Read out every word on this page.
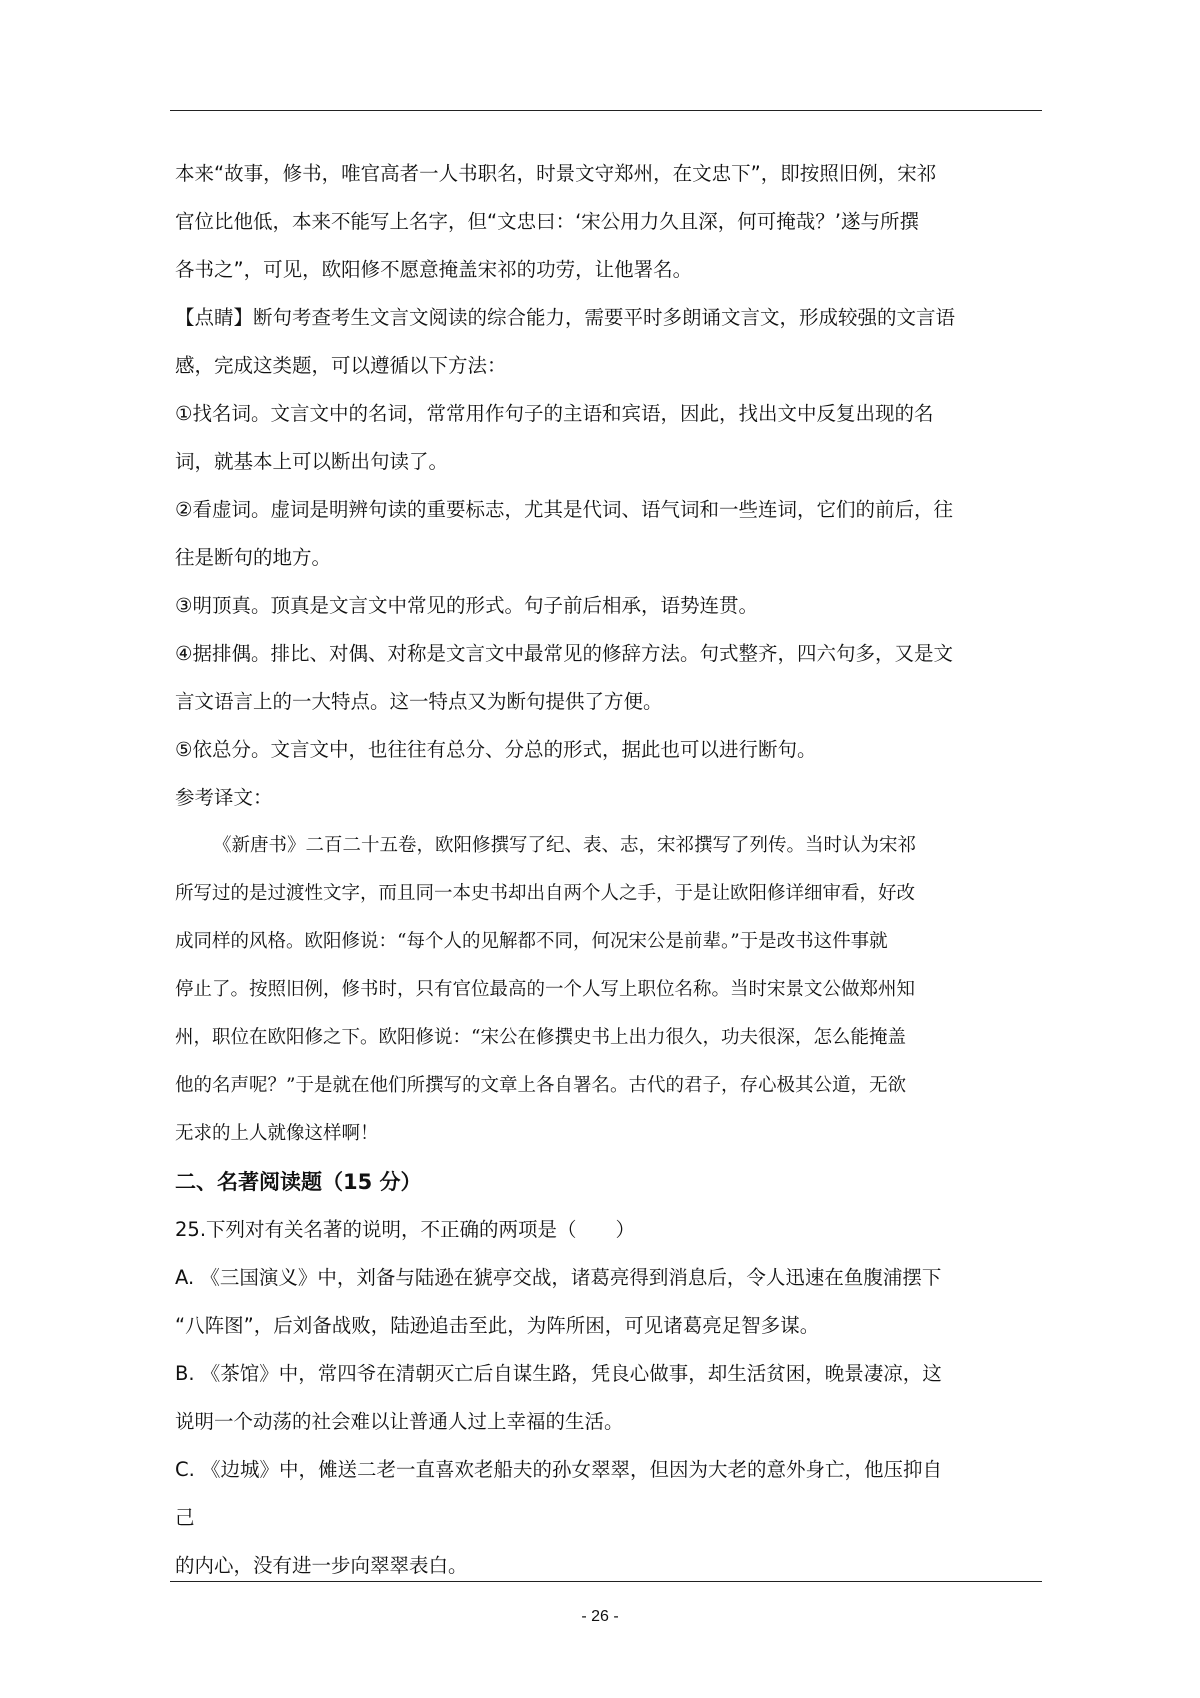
本来“故事，修书，唯官高者一人书职名，时景文守郑州，在文忠下”，即按照旧例，宋祁

官位比他低，本来不能写上名字，但“文忠曰：‘宋公用力久且深，何可掩哉？’遂与所撰

各书之”，可见，欧阳修不愿意掩盖宋祁的功劳，让他署名。

【点睛】断句考查考生文言文阅读的综合能力，需要平时多朗诵文言文，形成较强的文言语

感，完成这类题，可以遵循以下方法：

①找名词。文言文中的名词，常常用作句子的主语和宾语，因此，找出文中反复出现的名

词，就基本上可以断出句读了。

②看虚词。虚词是明辨句读的重要标志，尤其是代词、语气词和一些连词，它们的前后，往

往是断句的地方。

③明顶真。顶真是文言文中常见的形式。句子前后相承，语势连贯。

④据排偶。排比、对偶、对称是文言文中最常见的修辞方法。句式整齐，四六句多，又是文

言文语言上的一大特点。这一特点又为断句提供了方便。

⑤依总分。文言文中，也往往有总分、分总的形式，据此也可以进行断句。

参考译文：

《新唐书》二百二十五卷，欧阳修撰写了纪、表、志，宋祁撰写了列传。当时认为宋祁

所写过的是过渡性文字，而且同一本史书却出自两个人之手，于是让欧阳修详细审看，好改

成同样的风格。欧阳修说：“每个人的见解都不同，何况宋公是前辈。”于是改书这件事就

停止了。按照旧例，修书时，只有官位最高的一个人写上职位名称。当时宋景文公做郑州知

州，职位在欧阳修之下。欧阳修说：“宋公在修撰史书上出力很久，功夫很深，怎么能掩盖

他的名声呢？”于是就在他们所撰写的文章上各自署名。古代的君子，存心极其公道，无欲

无求的上人就像这样啊！

二、名著阅读题（15 分）

25.下列对有关名著的说明，不正确的两项是（　　）

A. 《三国演义》中，刘备与陆逊在猇亭交战，诸葛亮得到消息后，令人迅速在鱼腹浦摆下

“八阵图”，后刘备战败，陆逊追击至此，为阵所困，可见诸葛亮足智多谋。

B. 《茶馆》中，常四爷在清朝灭亡后自谋生路，凭良心做事，却生活贫困，晚景凄凉，这

说明一个动荡的社会难以让普通人过上幸福的生活。

C. 《边城》中，傩送二老一直喜欢老船夫的孙女翠翠，但因为大老的意外身亡，他压抑自

己

的内心，没有进一步向翠翠表白。

- 26 -
